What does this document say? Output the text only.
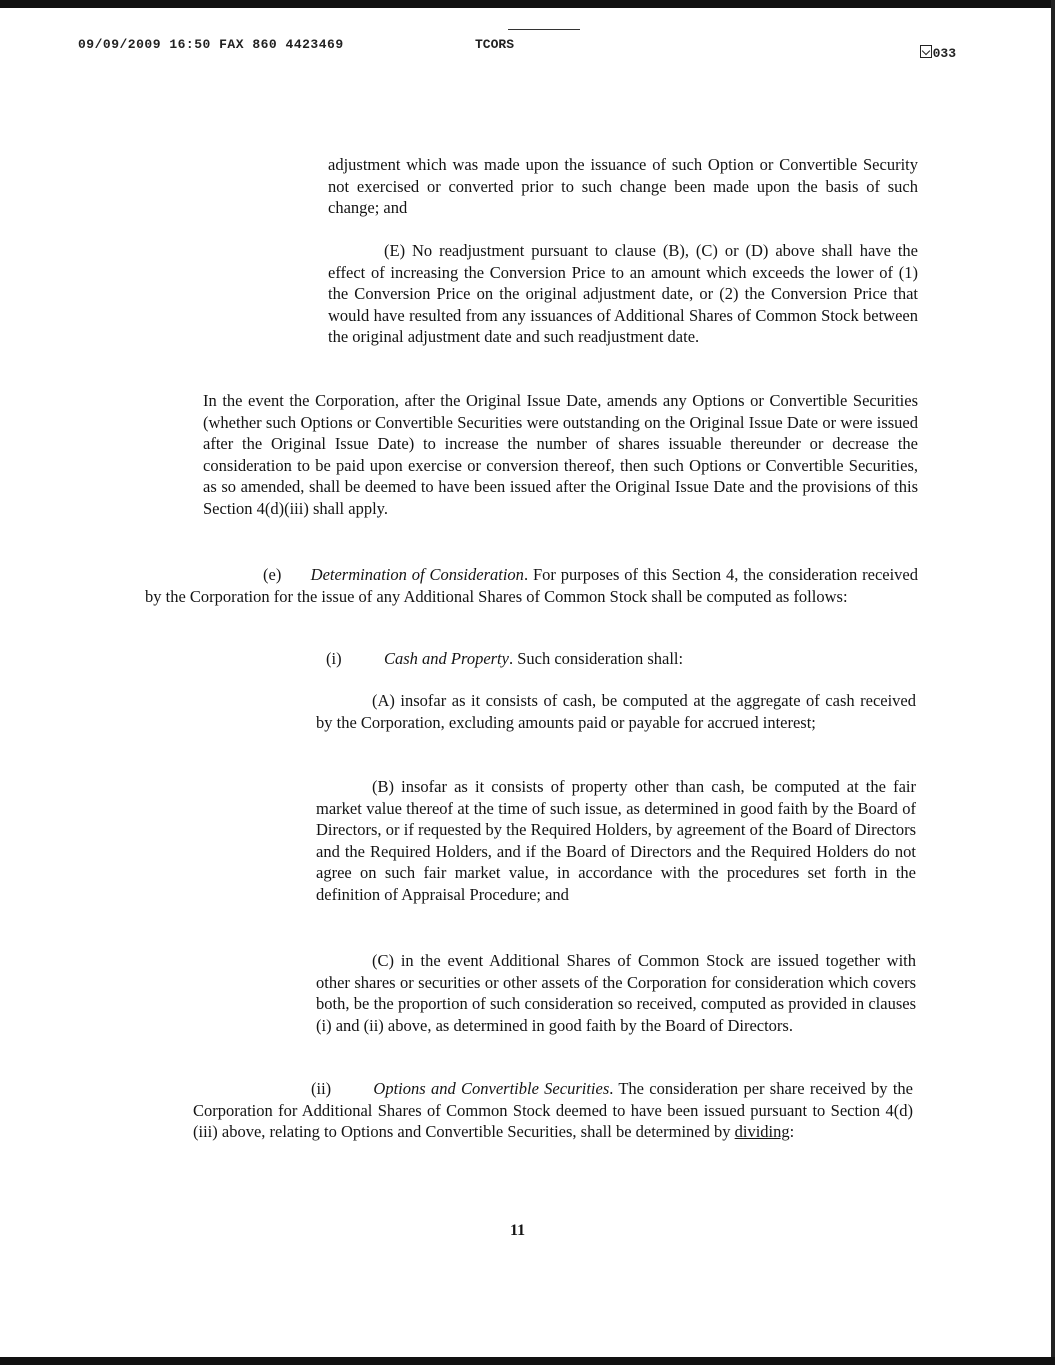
09/09/2009 16:50 FAX 860 4423469	TCORS
033

adjustment which was made upon the issuance of such Option or Convertible Security not exercised or converted prior to such change been made upon the basis of such change; and

(E) No readjustment pursuant to clause (B), (C) or (D) above shall have the effect of increasing the Conversion Price to an amount which exceeds the lower of (1) the Conversion Price on the original adjustment date, or (2) the Conversion Price that would have resulted from any issuances of Additional Shares of Common Stock between the original adjustment date and such readjustment date.

In the event the Corporation, after the Original Issue Date, amends any Options or Convertible Securities (whether such Options or Convertible Securities were outstanding on the Original Issue Date or were issued after the Original Issue Date) to increase the number of shares issuable thereunder or decrease the consideration to be paid upon exercise or conversion thereof, then such Options or Convertible Securities, as so amended, shall be deemed to have been issued after the Original Issue Date and the provisions of this Section 4(d)(iii) shall apply.

(e) Determination of Consideration. For purposes of this Section 4, the consideration received by the Corporation for the issue of any Additional Shares of Common Stock shall be computed as follows:

(i)	Cash and Property. Such consideration shall:

(A) insofar as it consists of cash, be computed at the aggregate of cash received by the Corporation, excluding amounts paid or payable for accrued interest;

(B) insofar as it consists of property other than cash, be computed at the fair market value thereof at the time of such issue, as determined in good faith by the Board of Directors, or if requested by the Required Holders, by agreement of the Board of Directors and the Required Holders, and if the Board of Directors and the Required Holders do not agree on such fair market value, in accordance with the procedures set forth in the definition of Appraisal Procedure; and

(C) in the event Additional Shares of Common Stock are issued together with other shares or securities or other assets of the Corporation for consideration which covers both, be the proportion of such consideration so received, computed as provided in clauses (i) and (ii) above, as determined in good faith by the Board of Directors.

(ii)	Options and Convertible Securities. The consideration per share received by the Corporation for Additional Shares of Common Stock deemed to have been issued pursuant to Section 4(d)(iii) above, relating to Options and Convertible Securities, shall be determined by dividing:

11
